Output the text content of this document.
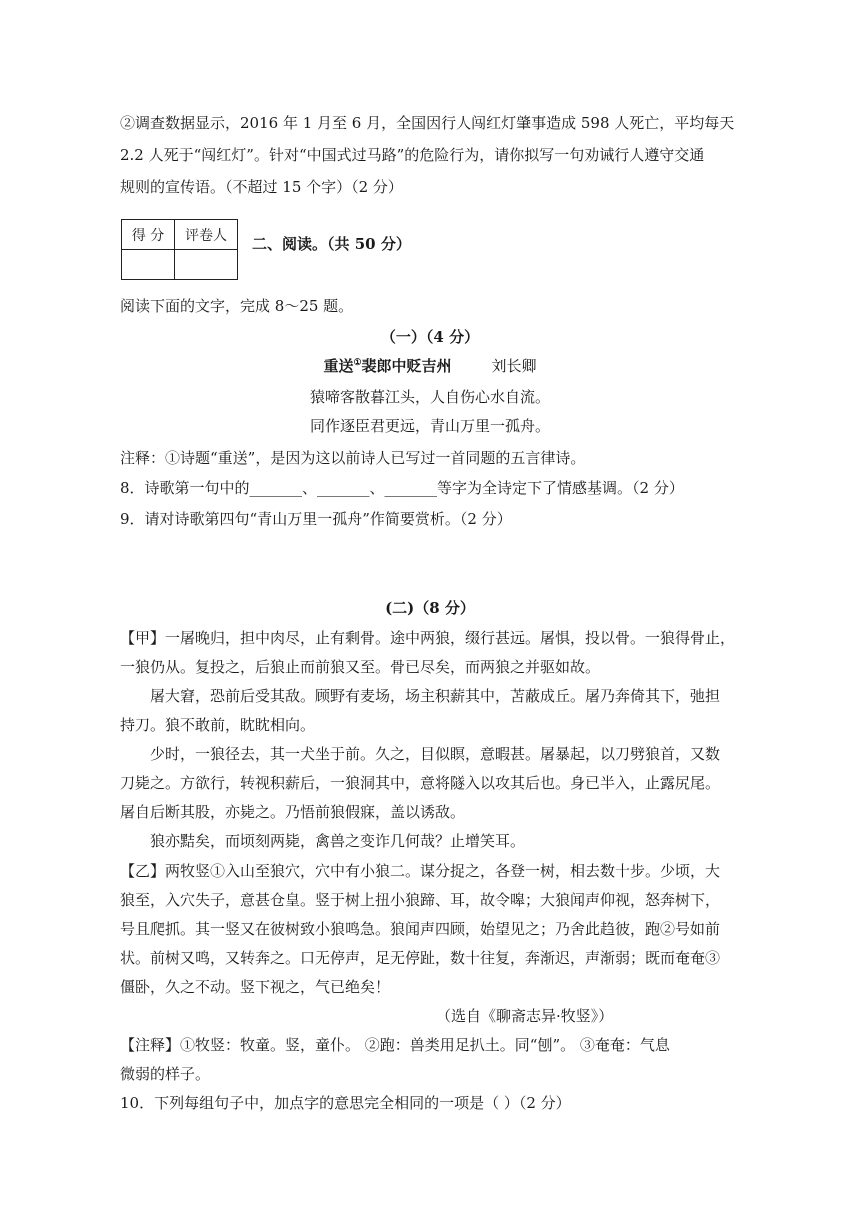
②调查数据显示，2016 年 1 月至 6 月，全国因行人闯红灯肇事造成 598 人死亡，平均每天
2.2 人死于“闯红灯”。针对“中国式过马路”的危险行为，请你拟写一句劝诫行人遵守交通
规则的宣传语。（不超过 15 个字）（2 分）
得 分	评卷人
	二、阅读。（共 50 分）
阅读下面的文字，完成 8～25 题。
（一）（4 分）
重送①裴郎中贬吉州	刘长卿
猿啼客散暮江头，人自伤心水自流。
同作逐臣君更远，青山万里一孤舟。
注释：①诗题“重送”，是因为这以前诗人已写过一首同题的五言律诗。
8．诗歌第一句中的_______、_______、_______等字为全诗定下了情感基调。（2 分）
9．请对诗歌第四句“青山万里一孤舟”作简要赏析。（2 分）
(二)（8 分）
【甲】一屠晚归，担中肉尽，止有剩骨。途中两狼，缀行甚远。屠惧，投以骨。一狼得骨止，
一狼仍从。复投之，后狼止而前狼又至。骨已尽矣，而两狼之并驱如故。
屠大窘，恐前后受其敌。顾野有麦场，场主积薪其中，苫蔽成丘。屠乃奔倚其下，弛担
持刀。狼不敢前，眈眈相向。
少时，一狼径去，其一犬坐于前。久之，目似瞑，意暇甚。屠暴起，以刀劈狼首，又数
刀毙之。方欲行，转视积薪后，一狼洞其中，意将隧入以攻其后也。身已半入，止露尻尾。
屠自后断其股，亦毙之。乃悟前狼假寐，盖以诱敌。
狼亦黠矣，而顷刻两毙，禽兽之变诈几何哉？止增笑耳。
【乙】两牧竖①入山至狼穴，穴中有小狼二。谋分捉之，各登一树，相去数十步。少顷，大
狼至，入穴失子，意甚仓皇。竖于树上扭小狼蹄、耳，故令嗥；大狼闻声仰视，怒奔树下，
号且爬抓。其一竖又在彼树致小狼鸣急。狼闻声四顾，始望见之；乃舍此趋彼，跑②号如前
状。前树又鸣，又转奔之。口无停声，足无停趾，数十往复，奔渐迟，声渐弱；既而奄奄③
僵卧，久之不动。竖下视之，气已绝矣！
（选自《聊斋志异·牧竖》）
【注释】①牧竖：牧童。竖，童仆。 ②跑：兽类用足扒土。同“刨”。 ③奄奄：气息
微弱的样子。
10．下列每组句子中，加点字的意思完全相同的一项是（ ）（2 分）
